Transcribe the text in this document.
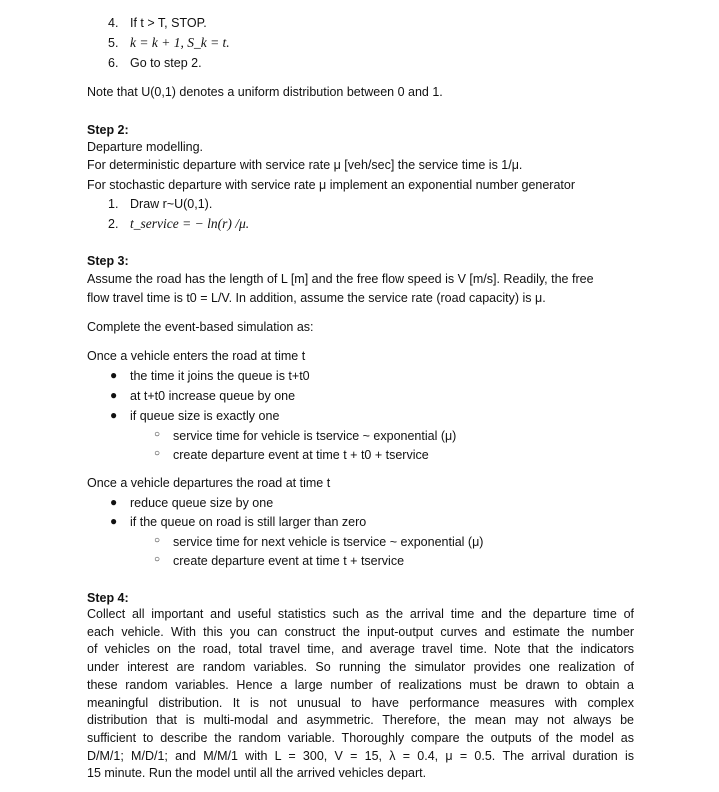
4. If t > T, STOP.
5. k = k + 1, S_k = t.
6. Go to step 2.
Note that U(0,1) denotes a uniform distribution between 0 and 1.
Step 2:
Departure modelling.
For deterministic departure with service rate μ [veh/sec] the service time is 1/μ.
For stochastic departure with service rate μ implement an exponential number generator
1. Draw r~U(0,1).
2. t_service = − ln(r) /μ.
Step 3:
Assume the road has the length of L [m] and the free flow speed is V [m/s]. Readily, the free
flow travel time is t0 = L/V. In addition, assume the service rate (road capacity) is μ.
Complete the event-based simulation as:
Once a vehicle enters the road at time t
● the time it joins the queue is t+t0
● at t+t0 increase queue by one
● if queue size is exactly one
○ service time for vehicle is tservice ~ exponential (μ)
○ create departure event at time t + t0 + tservice
Once a vehicle departures the road at time t
● reduce queue size by one
● if the queue on road is still larger than zero
○ service time for next vehicle is tservice ~ exponential (μ)
○ create departure event at time t + tservice
Step 4:
Collect all important and useful statistics such as the arrival time and the departure time of
each vehicle. With this you can construct the input-output curves and estimate the number
of vehicles on the road, total travel time, and average travel time. Note that the indicators
under interest are random variables. So running the simulator provides one realization of
these random variables. Hence a large number of realizations must be drawn to obtain a
meaningful distribution. It is not unusual to have performance measures with complex
distribution that is multi-modal and asymmetric. Therefore, the mean may not always be
sufficient to describe the random variable. Thoroughly compare the outputs of the model as
D/M/1; M/D/1; and M/M/1 with L = 300, V = 15, λ = 0.4, μ = 0.5. The arrival duration is
15 minute. Run the model until all the arrived vehicles depart.
